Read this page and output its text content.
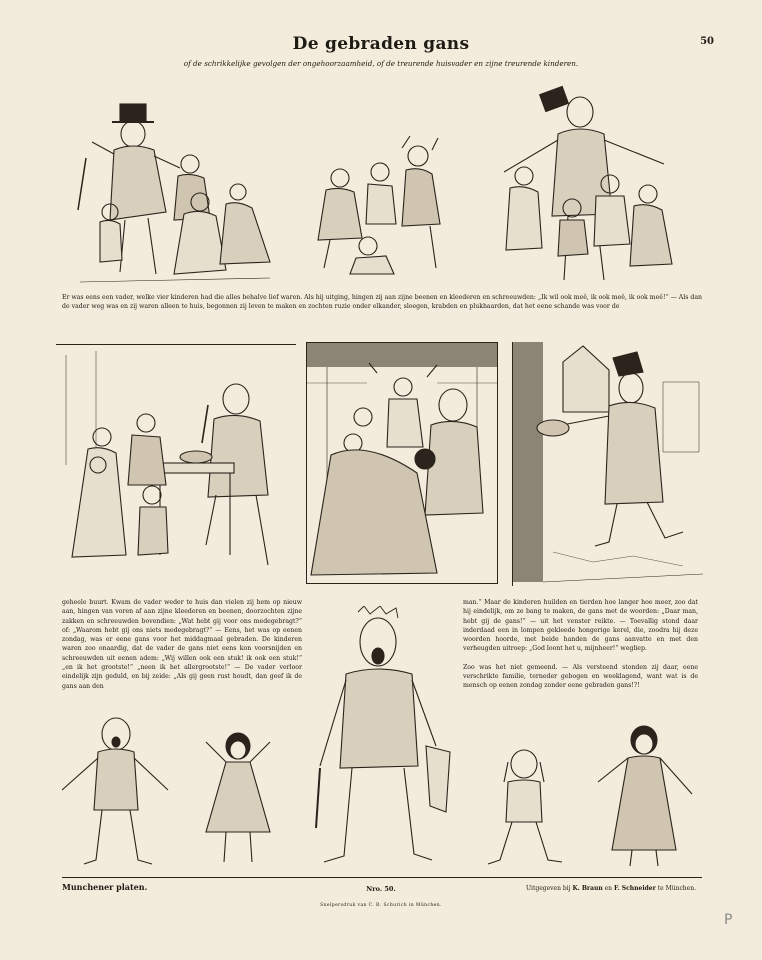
De gebraden gans	50
of de schrikkelijke gevolgen der ongehoorzaamheid, of de treurende huisvader en zijne treurende kinderen.
Er was eens een vader, welke vier kinderen had die alles behalve lief waren. Als hij uitging, hingen zij aan zijne beenen en kleederen en schreeuwden: „Ik wil ook meê, ik ook meê, ik ook meê!“ — Als dan de vader weg was en zij waren alleen te huis, begonnen zij leven te maken en zochten ruzie onder elkander, sloegen, krabden en plukhaarden, dat het eene schande was voor de
geheele buurt. Kwam de vader weder te huis dan vielen zij hem op nieuw aan, hingen van voren af aan zijne kleederen en beenen, doorzochten zijne zakken en schreeuwden bovendien: „Wat hebt gij voor ons medegebragt?“ of: „Waarom hebt gij ons niets medegebragt?“ — Eens, het was op eenen zondag, was er eene gans voor het middagmaal gebraden. De kinderen waren zoo onaardig, dat de vader de gans niet eens kon voorsnijden en schreeuwden uit eenen adem: „Wij willen ook een stuk! ik ook een stuk!“ „en ik het grootste!“ „neen ik het allergrootste!“ — De vader verloor eindelijk zijn geduld, en bij zeide: „Als gij geen rust houdt, dan geef ik de gans aan den
man.“ Maar de kinderen huilden en tierden hoe langer hoe meer, zoo dat hij eindelijk, om ze bang te maken, de gans met de woorden: „Daar man, hebt gij de gans!“ — uit het venster reikte. — Toevallig stond daar inderdaad een in lompen gekleede hongerige kerel, die, zoodra hij deze woorden hoorde, met beide handen de gans aanvatte en met den verheugden uitroep: „God loont het u, mijnheer!“ wegliep.
Zoo was het niet gemeend. — Als versteend stonden zij daar, eene verschrikte familie, terneder gebogen en weeklagend, want wat is de mensch op eenen zondag zonder eene gebraden gans!?!
Munchener platen.	Nro. 50.	Uitgegeven bij K. Braun en F. Schneider te München.
Snelpersdruk van C. R. Schurich in München.
P
